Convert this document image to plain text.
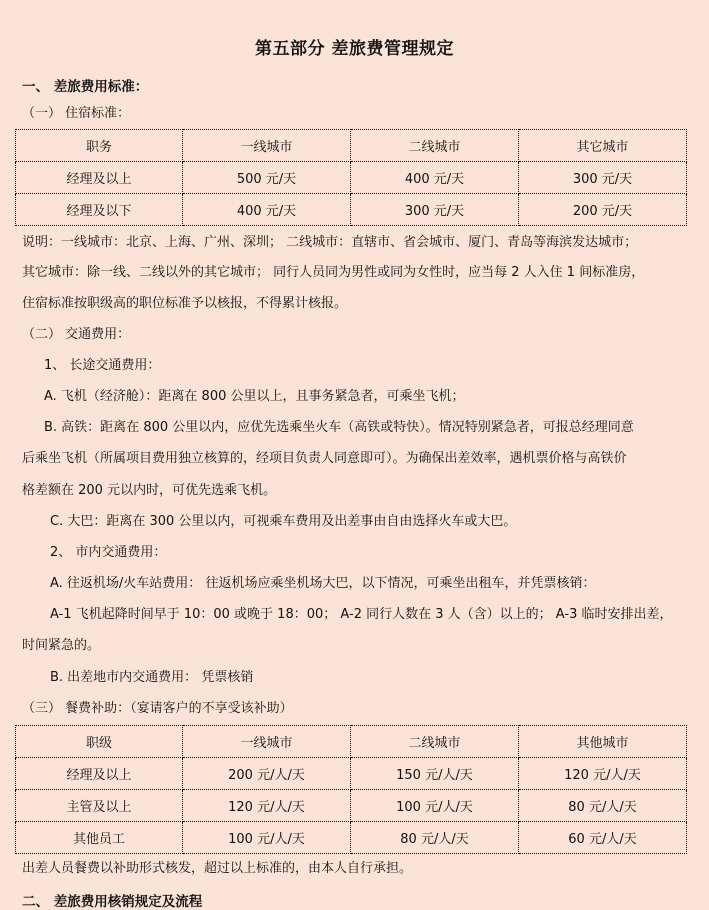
第五部分 差旅费管理规定
一、 差旅费用标准：
（一） 住宿标准：
职务	一线城市	二线城市	其它城市
经理及以上	500 元/天	400 元/天	300 元/天
经理及以下	400 元/天	300 元/天	200 元/天
说明：一线城市：北京、上海、广州、深圳； 二线城市：直辖市、省会城市、厦门、青岛等海滨发达城市；
其它城市：除一线、二线以外的其它城市； 同行人员同为男性或同为女性时，应当每 2 人入住 1 间标准房，
住宿标准按职级高的职位标准予以核报，不得累计核报。
（二） 交通费用：
1、 长途交通费用：
A. 飞机（经济舱）：距离在 800 公里以上，且事务紧急者，可乘坐飞机；
B. 高铁：距离在 800 公里以内，应优先选乘坐火车（高铁或特快）。情况特别紧急者，可报总经理同意
后乘坐飞机（所属项目费用独立核算的，经项目负责人同意即可）。为确保出差效率，遇机票价格与高铁价
格差额在 200 元以内时，可优先选乘飞机。
C. 大巴：距离在 300 公里以内，可视乘车费用及出差事由自由选择火车或大巴。
2、 市内交通费用：
A. 往返机场/火车站费用： 往返机场应乘坐机场大巴，以下情况，可乘坐出租车，并凭票核销：
A-1 飞机起降时间早于 10：00 或晚于 18：00； A-2 同行人数在 3 人（含）以上的； A-3 临时安排出差，
时间紧急的。
B. 出差地市内交通费用： 凭票核销
（三） 餐费补助：（宴请客户的不享受该补助）
职级	一线城市	二线城市	其他城市
经理及以上	200 元/人/天	150 元/人/天	120 元/人/天
主管及以上	120 元/人/天	100 元/人/天	80 元/人/天
其他员工	100 元/人/天	80 元/人/天	60 元/人/天
出差人员餐费以补助形式核发，超过以上标准的，由本人自行承担。
二、 差旅费用核销规定及流程
